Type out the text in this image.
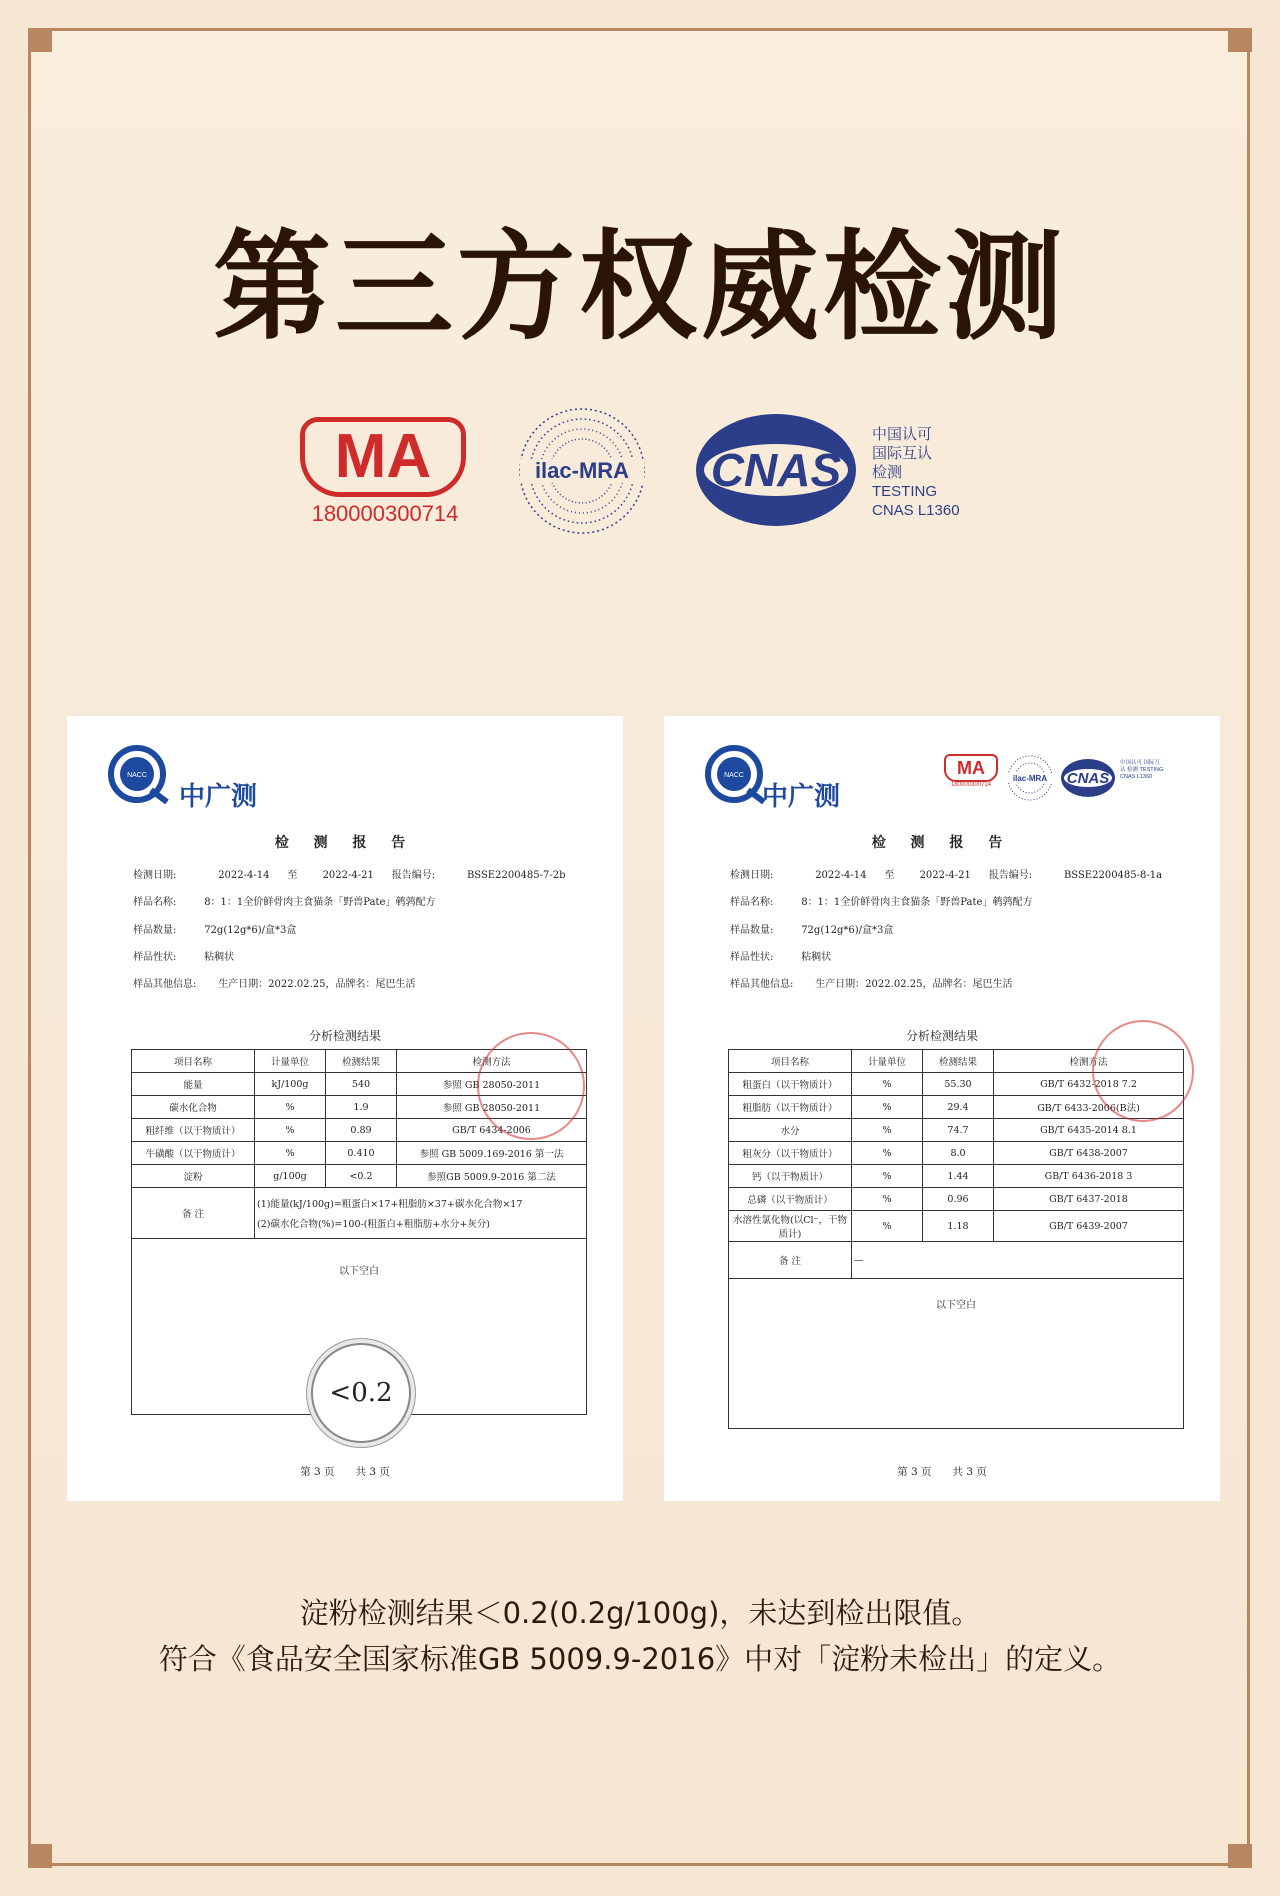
第三方权威检测
MA
180000300714
ilac-MRA CNAS
中国认可
国际互认
检测
TESTING
CNAS L1360
NACC
中广测
检 测 报 告
检测日期:	2022-4-14 至	2022-4-21 报告编号:	BSSE2200485-7-2b
样品名称:	8：1：1全价鲜骨肉主食猫条「野兽Pate」鹌鹑配方
样品数量:	72g(12g*6)/盒*3盒
样品性状:	粘稠状
样品其他信息: 生产日期：2022.02.25，品牌名：尾巴生活
分析检测结果
项目名称	计量单位	检测结果	检测方法
能量	kJ/100g	540	参照 GB 28050-2011
碳水化合物	%	1.9	参照 GB 28050-2011
粗纤维（以干物质计）	%	0.89	GB/T 6434-2006
牛磺酸（以干物质计）	%	0.410	参照 GB 5009.169-2016 第一法
淀粉	g/100g	<0.2	参照GB 5009.9-2016 第二法
备 注	(1)能量(kJ/100g)=粗蛋白×17+粗脂肪×37+碳水化合物×17
(2)碳水化合物(%)=100-(粗蛋白+粗脂肪+水分+灰分)		
以下空白
<0.2
第 3 页　　共 3 页
NACC
中广测
MA
180000300714
ilac-MRA CNAS
中国认可 国际互认 检测 TESTING CNAS L1360
检 测 报 告
检测日期:	2022-4-14 至	2022-4-21 报告编号:	BSSE2200485-8-1a
样品名称:	8：1：1全价鲜骨肉主食猫条「野兽Pate」鹌鹑配方
样品数量:	72g(12g*6)/盒*3盒
样品性状:	粘稠状
样品其他信息: 生产日期：2022.02.25，品牌名：尾巴生活
分析检测结果
项目名称	计量单位	检测结果	检测方法
粗蛋白（以干物质计）	%	55.30	GB/T 6432-2018 7.2
粗脂肪（以干物质计）	%	29.4	GB/T 6433-2006(B法)
水分	%	74.7	GB/T 6435-2014 8.1
粗灰分（以干物质计）	%	8.0	GB/T 6438-2007
钙（以干物质计）	%	1.44	GB/T 6436-2018 3
总磷（以干物质计）	%	0.96	GB/T 6437-2018
水溶性氯化物(以Cl⁻，干物质计)	%	1.18	GB/T 6439-2007
备 注	—		
以下空白
第 3 页　　共 3 页
淀粉检测结果＜0.2(0.2g/100g)，未达到检出限值。
符合《食品安全国家标准GB 5009.9-2016》中对「淀粉未检出」的定义。
